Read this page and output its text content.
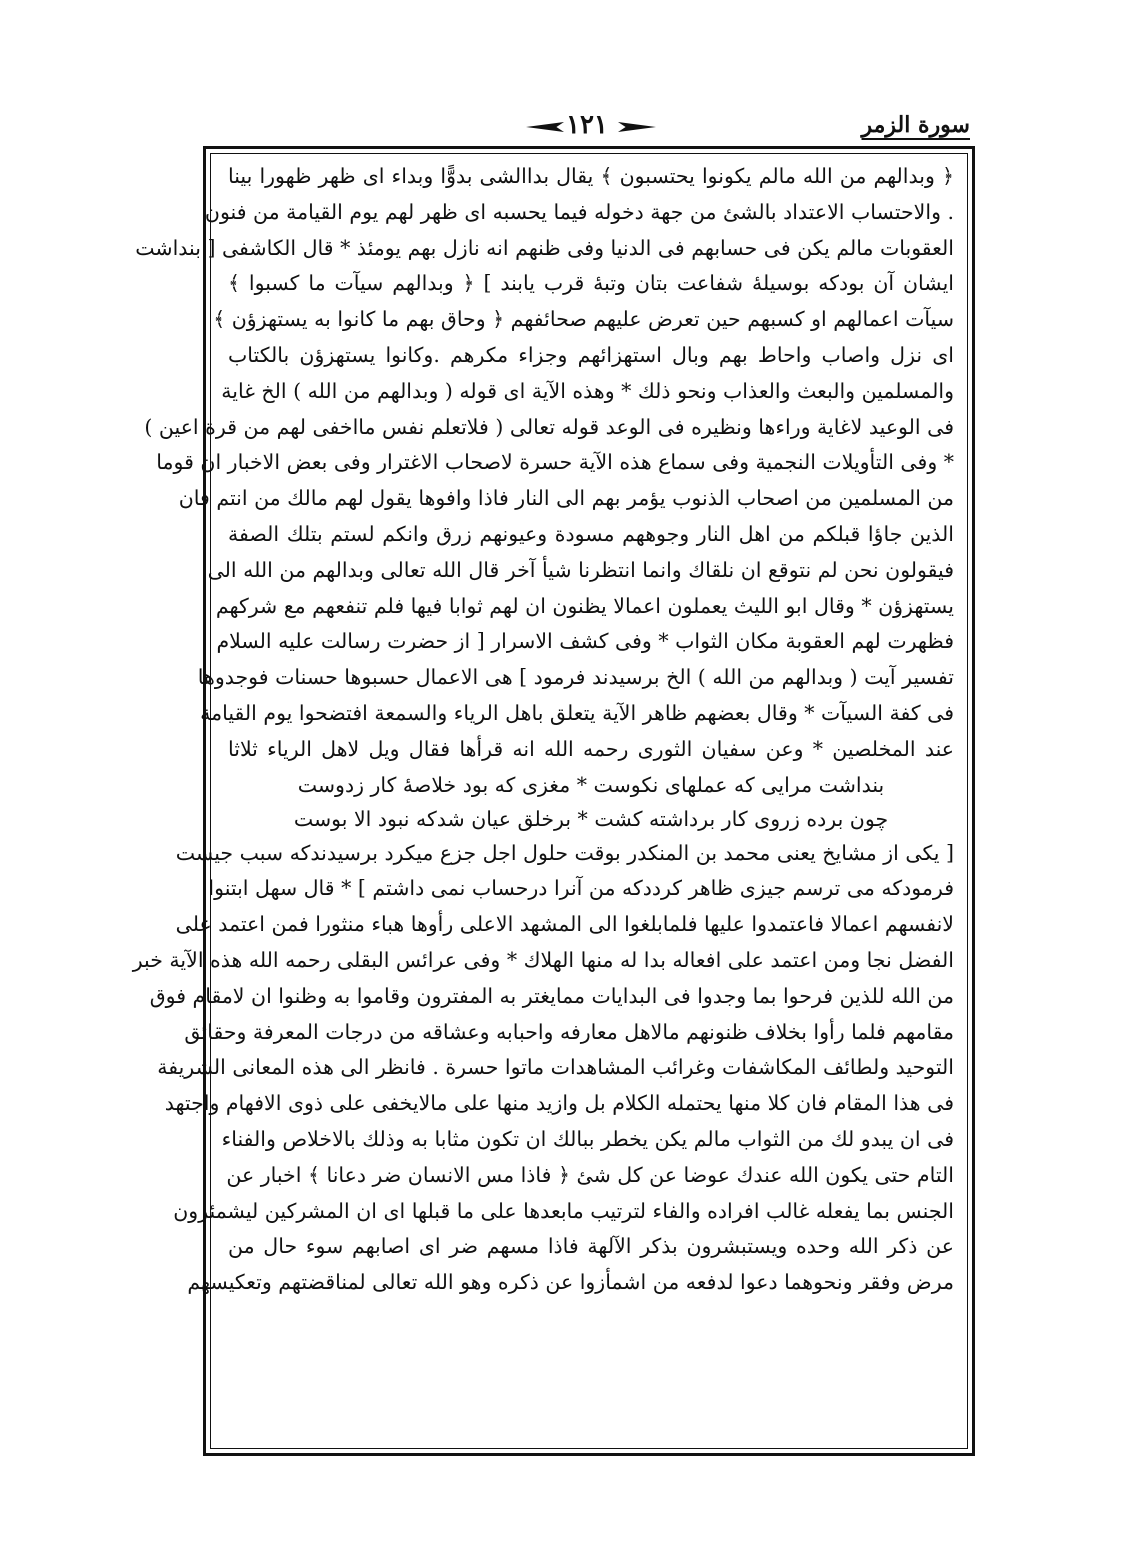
سورة الزمر
١٢١
﴿ وبدالهم من الله مالم يكونوا يحتسبون ﴾ يقال بداالشى بدوًّا وبداء اى ظهر ظهورا بينا
. والاحتساب الاعتداد بالشئ من جهة دخوله فيما يحسبه اى ظهر لهم يوم القيامة من فنون
العقوبات مالم يكن فى حسابهم فى الدنيا وفى ظنهم انه نازل بهم يومئذ * قال الكاشفى [ بنداشت
ايشان آن بودكه بوسيلۀ شفاعت بتان وتبۀ قرب يابند ] ﴿ وبدالهم سيآت ما كسبوا ﴾
سيآت اعمالهم او كسبهم حين تعرض عليهم صحائفهم ﴿ وحاق بهم ما كانوا به يستهزؤن ﴾
اى نزل واصاب واحاط بهم وبال استهزائهم وجزاء مكرهم .وكانوا يستهزؤن بالكتاب
والمسلمين والبعث والعذاب ونحو ذلك * وهذه الآية اى قوله ( وبدالهم من الله ) الخ غاية
فى الوعيد لاغاية وراءها ونظيره فى الوعد قوله تعالى ( فلاتعلم نفس مااخفى لهم من قرة اعين )
* وفى التأويلات النجمية وفى سماع هذه الآية حسرة لاصحاب الاغترار وفى بعض الاخبار ان قوما
من المسلمين من اصحاب الذنوب يؤمر بهم الى النار فاذا وافوها يقول لهم مالك من انتم فان
الذين جاؤا قبلكم من اهل النار وجوههم مسودة وعيونهم زرق وانكم لستم بتلك الصفة
فيقولون نحن لم نتوقع ان نلقاك وانما انتظرنا شيأ آخر قال الله تعالى وبدالهم من الله الى
يستهزؤن * وقال ابو الليث يعملون اعمالا يظنون ان لهم ثوابا فيها فلم تنفعهم مع شركهم
فظهرت لهم العقوبة مكان الثواب * وفى كشف الاسرار [ از حضرت رسالت عليه السلام
تفسير آيت ( وبدالهم من الله ) الخ برسيدند فرمود ] هى الاعمال حسبوها حسنات فوجدوها
فى كفة السيآت * وقال بعضهم ظاهر الآية يتعلق باهل الرياء والسمعة افتضحوا يوم القيامة
عند المخلصين * وعن سفيان الثورى رحمه الله انه قرأها فقال ويل لاهل الرياء ثلاثا
بنداشت مرايى كه عملهاى نكوست * مغزى كه بود خلاصۀ كار زدوست
چون برده زروى كار برداشته كشت * برخلق عيان شدكه نبود الا بوست
[ يكى از مشايخ يعنى محمد بن المنكدر بوقت حلول اجل جزع ميكرد برسيدندكه سبب جيست
فرمودكه مى ترسم جيزى ظاهر كرددكه من آنرا درحساب نمى داشتم ] * قال سهل ابتنوا
لانفسهم اعمالا فاعتمدوا عليها فلمابلغوا الى المشهد الاعلى رأوها هباء منثورا فمن اعتمد على
الفضل نجا ومن اعتمد على افعاله بدا له منها الهلاك * وفى عرائس البقلى رحمه الله هذه الآية خبر
من الله للذين فرحوا بما وجدوا فى البدايات ممايغتر به المفترون وقاموا به وظنوا ان لامقام فوق
مقامهم فلما رأوا بخلاف ظنونهم مالاهل معارفه واحبابه وعشاقه من درجات المعرفة وحقائق
التوحيد ولطائف المكاشفات وغرائب المشاهدات ماتوا حسرة . فانظر الى هذه المعانى الشريفة
فى هذا المقام فان كلا منها يحتمله الكلام بل وازيد منها على مالايخفى على ذوى الافهام واجتهد
فى ان يبدو لك من الثواب مالم يكن يخطر ببالك ان تكون مثابا به وذلك بالاخلاص والفناء
التام حتى يكون الله عندك عوضا عن كل شئ ﴿ فاذا مس الانسان ضر دعانا ﴾ اخبار عن
الجنس بما يفعله غالب افراده والفاء لترتيب مابعدها على ما قبلها اى ان المشركين ليشمئزون
عن ذكر الله وحده ويستبشرون بذكر الآلهة فاذا مسهم ضر اى اصابهم سوء حال من
مرض وفقر ونحوهما دعوا لدفعه من اشمأزوا عن ذكره وهو الله تعالى لمناقضتهم وتعكيسهم
